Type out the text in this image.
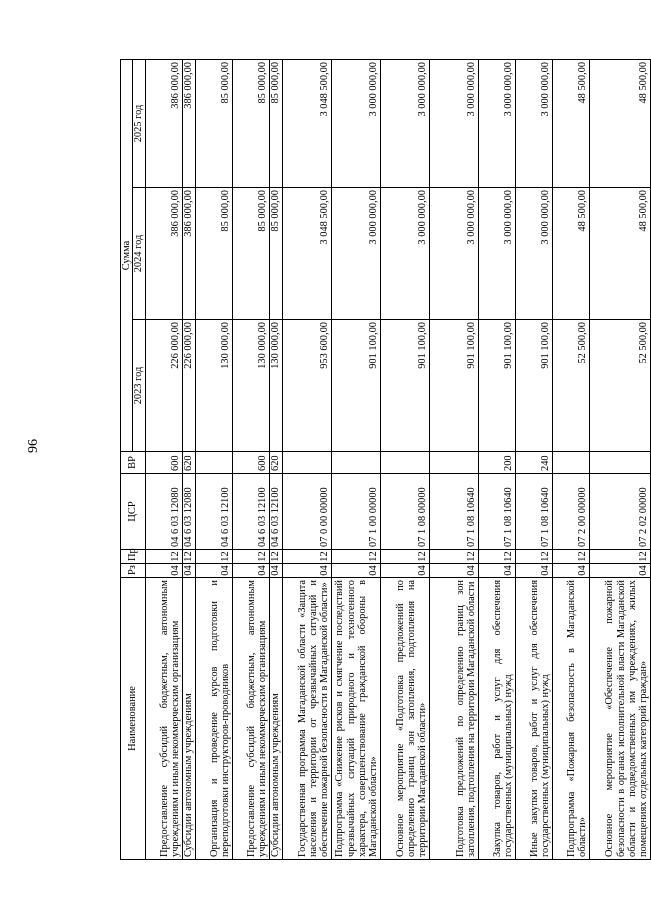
96
Наименование	Рз	Пр	ЦСР	ВР	Сумма		
					2023 год	2024 год	2025 год
Предоставление субсидий бюджетным, автономным учреждениям и иным некоммерческим организациям	04	12	04 6 03 12080	600	226 000,00	386 000,00	386 000,00
Субсидии автономным учреждениям	04	12	04 6 03 12080	620	226 000,00	386 000,00	386 000,00
Организация и проведение курсов подготовки и переподготовки инструкторов-проводников	04	12	04 6 03 12100		130 000,00	85 000,00	85 000,00
Предоставление субсидий бюджетным, автономным учреждениям и иным некоммерческим организациям	04	12	04 6 03 12100	600	130 000,00	85 000,00	85 000,00
Субсидии автономным учреждениям	04	12	04 6 03 12100	620	130 000,00	85 000,00	85 000,00
Государственная программа Магаданской области «Защита населения и территории от чрезвычайных ситуаций и обеспечение пожарной безопасности в Магаданской области»	04	12	07 0 00 00000		953 600,00	3 048 500,00	3 048 500,00
Подпрограмма «Снижение рисков и смягчение последствий чрезвычайных ситуаций природного и техногенного характера, совершенствование гражданской обороны в Магаданской области»	04	12	07 1 00 00000		901 100,00	3 000 000,00	3 000 000,00
Основное мероприятие «Подготовка предложений по определению границ зон затопления, подтопления на территории Магаданской области»	04	12	07 1 08 00000		901 100,00	3 000 000,00	3 000 000,00
Подготовка предложений по определению границ зон затопления, подтопления на территории Магаданской области	04	12	07 1 08 10640		901 100,00	3 000 000,00	3 000 000,00
Закупка товаров, работ и услуг для обеспечения государственных (муниципальных) нужд	04	12	07 1 08 10640	200	901 100,00	3 000 000,00	3 000 000,00
Иные закупки товаров, работ и услуг для обеспечения государственных (муниципальных) нужд	04	12	07 1 08 10640	240	901 100,00	3 000 000,00	3 000 000,00
Подпрограмма «Пожарная безопасность в Магаданской области»	04	12	07 2 00 00000		52 500,00	48 500,00	48 500,00
Основное мероприятие «Обеспечение пожарной безопасности в органах исполнительной власти Магаданской области и подведомственных им учреждениях, жилых помещениях отдельных категорий граждан»	04	12	07 2 02 00000		52 500,00	48 500,00	48 500,00
